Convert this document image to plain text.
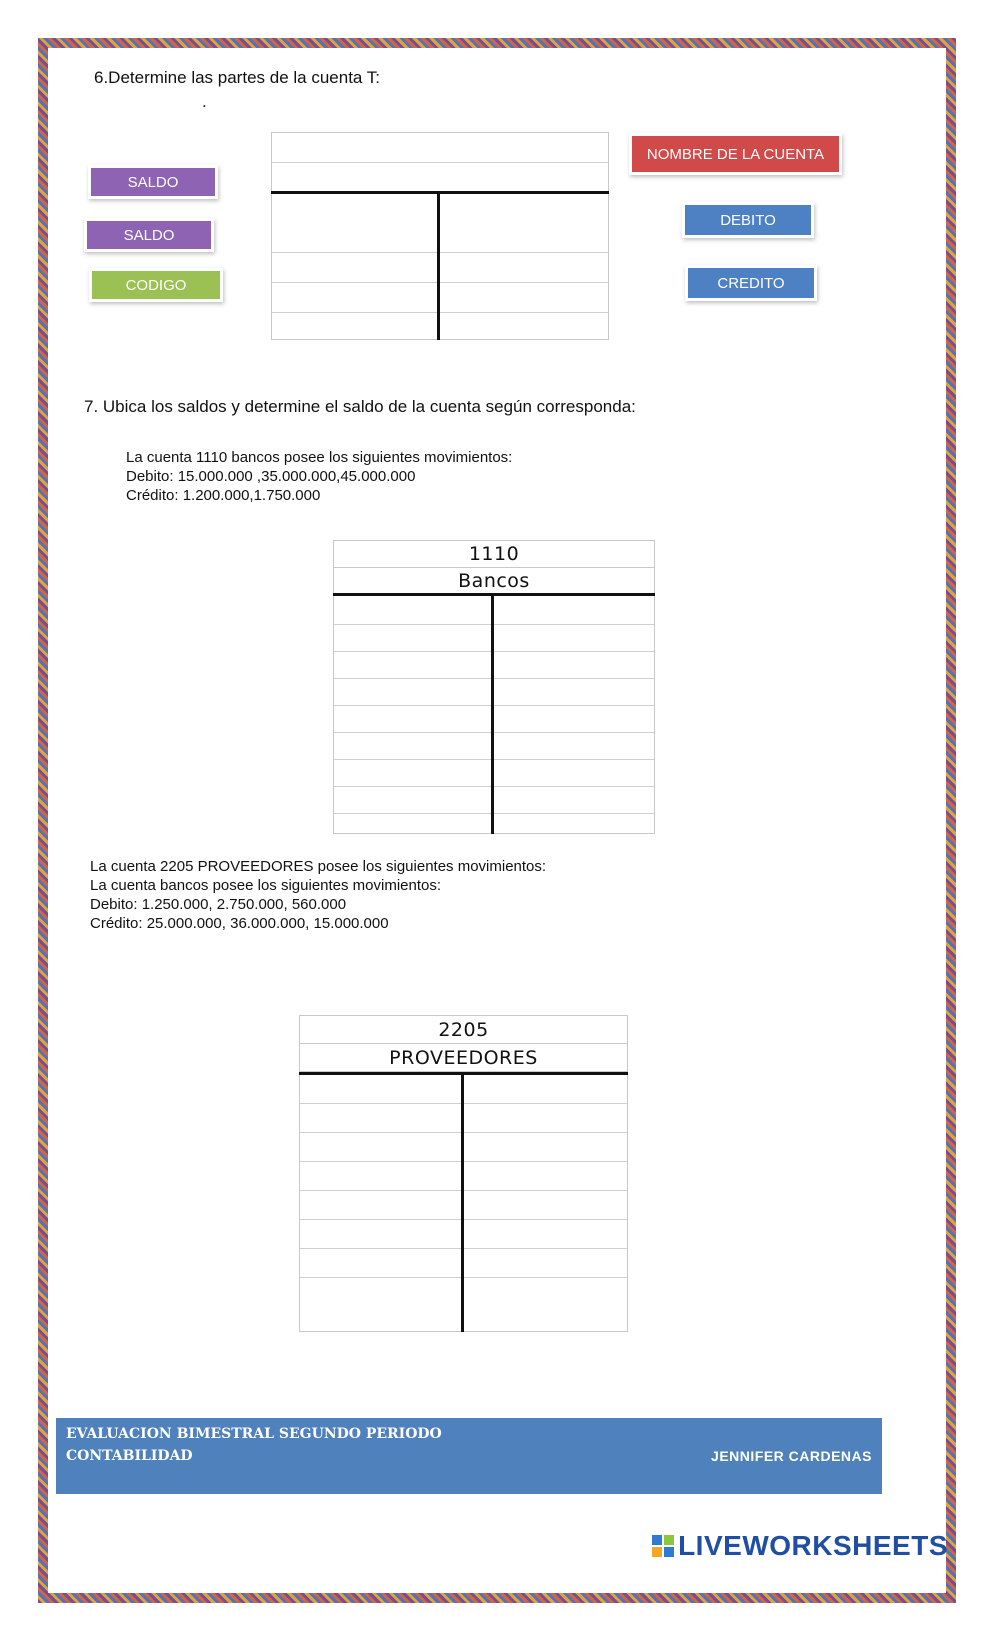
6.Determine las partes de la cuenta T:
.
SALDO
SALDO
CODIGO
NOMBRE DE LA CUENTA
DEBITO
CREDITO
7. Ubica los saldos y determine el saldo de la cuenta según corresponda:
La cuenta 1110 bancos posee los siguientes movimientos:
Debito: 15.000.000 ,35.000.000,45.000.000
Crédito: 1.200.000,1.750.000
1110
Bancos
La cuenta 2205 PROVEEDORES posee los siguientes movimientos:
La cuenta bancos posee los siguientes movimientos:
Debito: 1.250.000, 2.750.000, 560.000
Crédito: 25.000.000, 36.000.000, 15.000.000
2205
PROVEEDORES
EVALUACION BIMESTRAL SEGUNDO PERIODO
CONTABILIDAD	JENNIFER CARDENAS
LIVEWORKSHEETS
